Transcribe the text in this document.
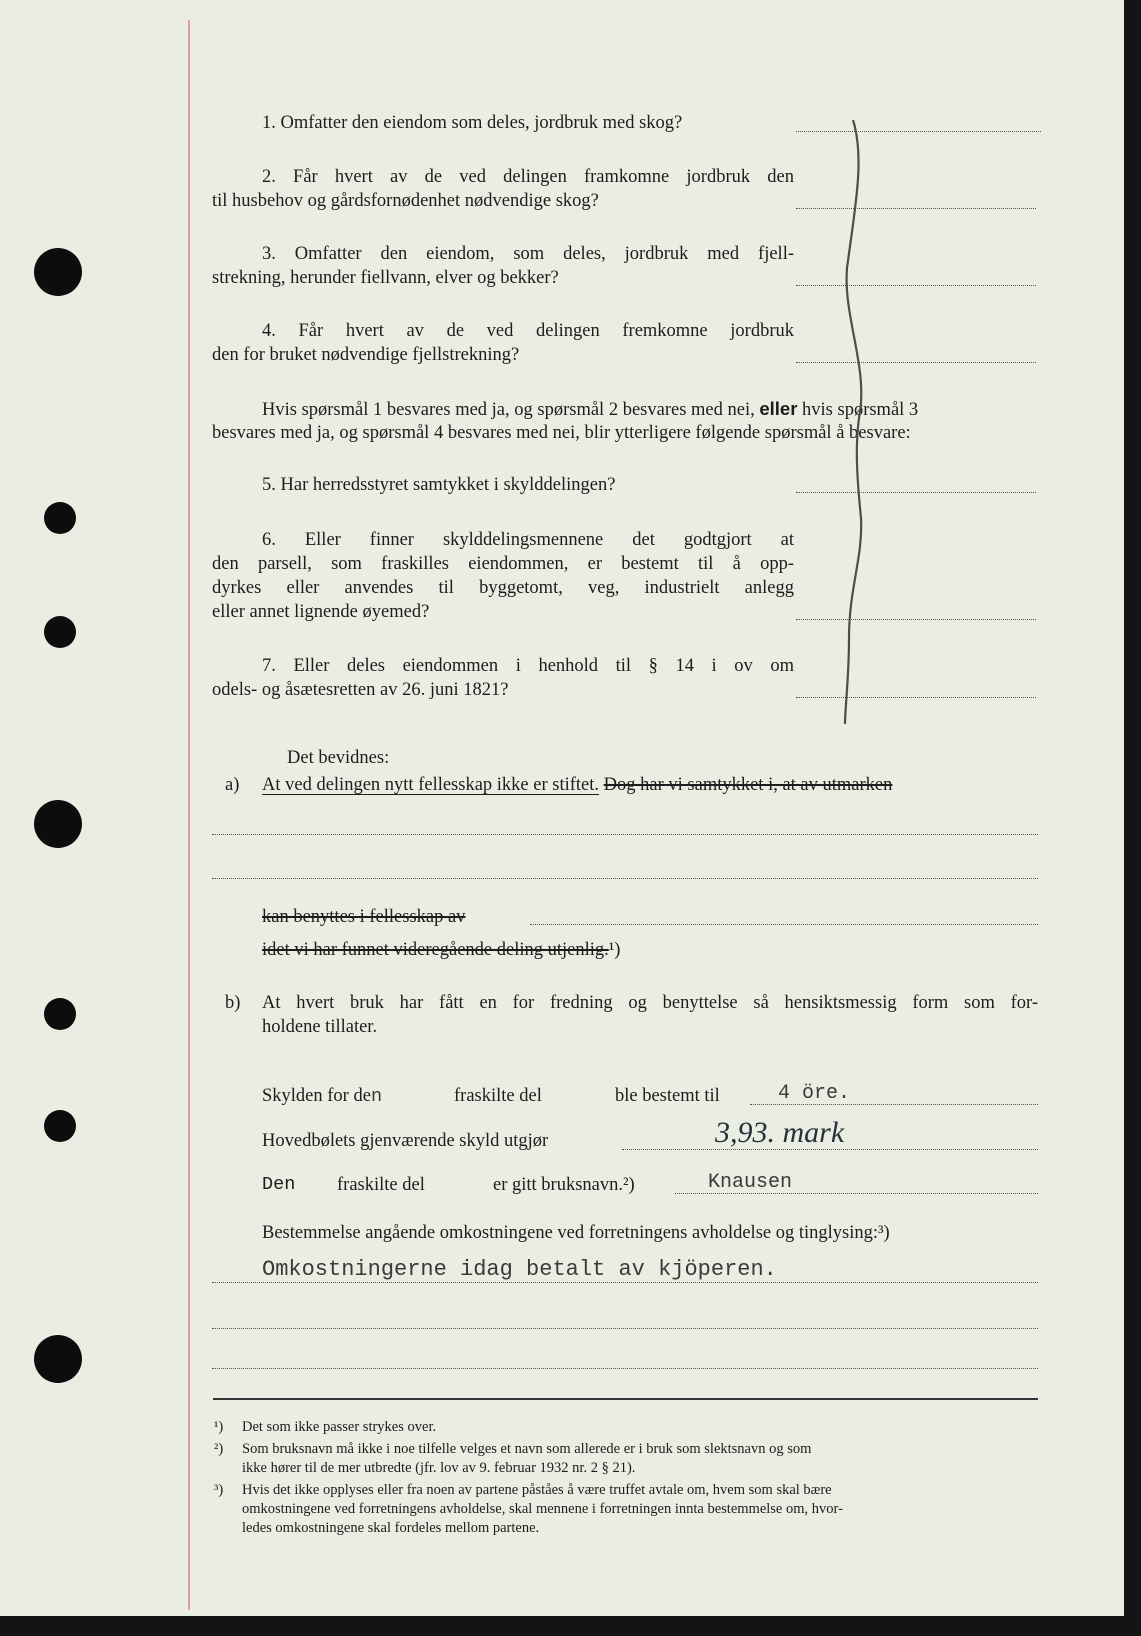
1. Omfatter den eiendom som deles, jordbruk med skog?
2. Får hvert av de ved delingen framkomne jordbruk den
til husbehov og gårdsfornødenhet nødvendige skog?
3. Omfatter den eiendom, som deles, jordbruk med fjell-
strekning, herunder fiellvann, elver og bekker?
4. Får hvert av de ved delingen fremkomne jordbruk
den for bruket nødvendige fjellstrekning?
Hvis spørsmål 1 besvares med ja, og spørsmål 2 besvares med nei, eller hvis spørsmål 3
besvares med ja, og spørsmål 4 besvares med nei, blir ytterligere følgende spørsmål å besvare:
5. Har herredsstyret samtykket i skylddelingen?
6. Eller finner skylddelingsmennene det godtgjort at
den parsell, som fraskilles eiendommen, er bestemt til å opp-
dyrkes eller anvendes til byggetomt, veg, industrielt anlegg
eller annet lignende øyemed?
7. Eller deles eiendommen i henhold til § 14 i ov om
odels- og åsætesretten av 26. juni 1821?
Det bevidnes:
a) At ved delingen nytt fellesskap ikke er stiftet. Dog har vi samtykket i, at av utmarken
kan benyttes i fellesskap av
idet vi har funnet videregående deling utjenlig.¹)
b) At hvert bruk har fått en for fredning og benyttelse så hensiktsmessig form som for-
holdene tillater.
Skylden for den	fraskilte del	ble bestemt til	4 öre.
Hovedbølets gjenværende skyld utgjør	3,93. mark
Den fraskilte del	er gitt bruksnavn.²)	Knausen
Bestemmelse angående omkostningene ved forretningens avholdelse og tinglysing:³)
Omkostningerne idag betalt av kjöperen.
¹) Det som ikke passer strykes over.
²) Som bruksnavn må ikke i noe tilfelle velges et navn som allerede er i bruk som slektsnavn og som
ikke hører til de mer utbredte (jfr. lov av 9. februar 1932 nr. 2 § 21).
³) Hvis det ikke opplyses eller fra noen av partene påståes å være truffet avtale om, hvem som skal bære
omkostningene ved forretningens avholdelse, skal mennene i forretningen innta bestemmelse om, hvor-
ledes omkostningene skal fordeles mellom partene.
